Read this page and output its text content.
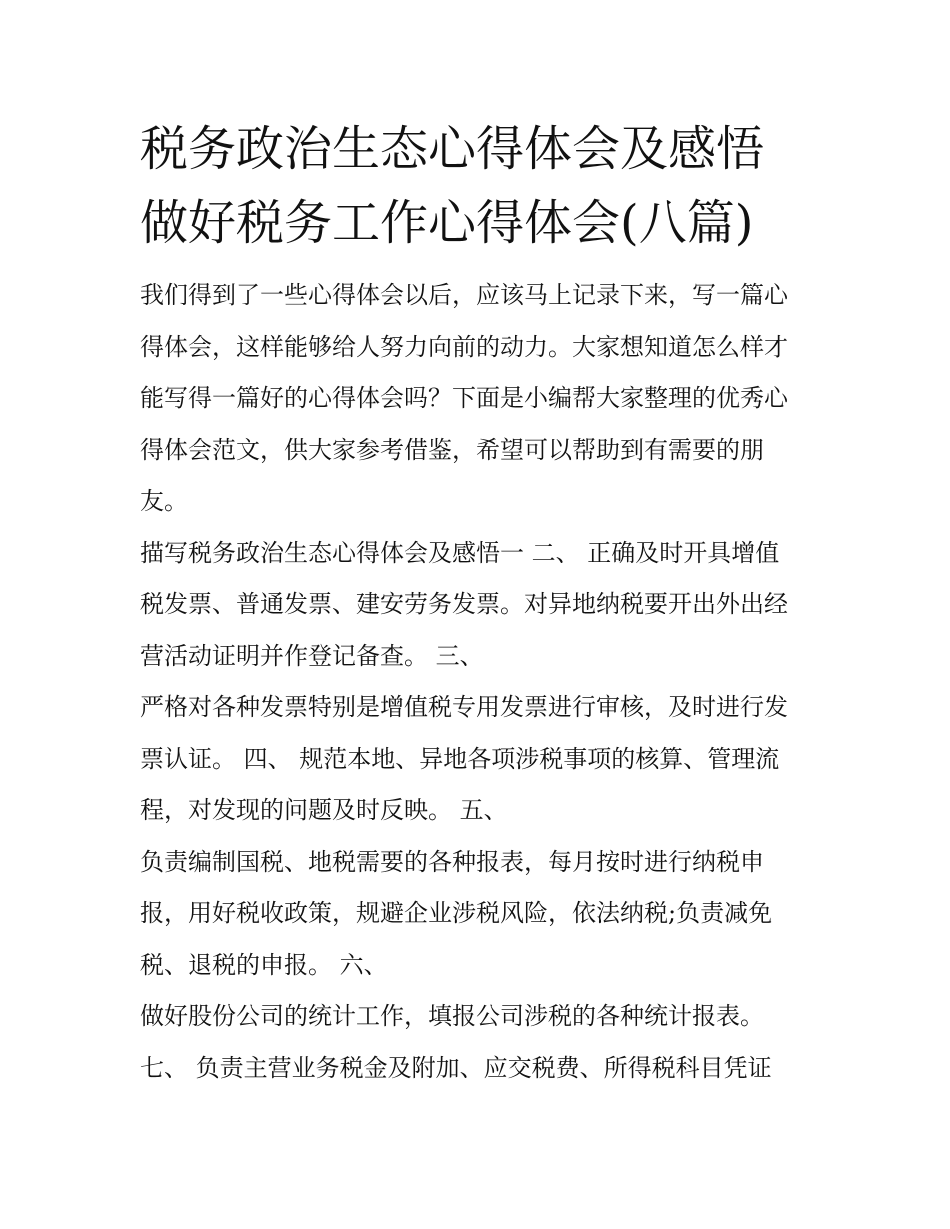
税务政治生态心得体会及感悟
做好税务工作心得体会(八篇)
我们得到了一些心得体会以后，应该马上记录下来，写一篇心
得体会，这样能够给人努力向前的动力。大家想知道怎么样才
能写得一篇好的心得体会吗？下面是小编帮大家整理的优秀心
得体会范文，供大家参考借鉴，希望可以帮助到有需要的朋
友。
描写税务政治生态心得体会及感悟一 二、 正确及时开具增值
税发票、普通发票、建安劳务发票。对异地纳税要开出外出经
营活动证明并作登记备查。 三、
严格对各种发票特别是增值税专用发票进行审核，及时进行发
票认证。 四、 规范本地、异地各项涉税事项的核算、管理流
程，对发现的问题及时反映。 五、
负责编制国税、地税需要的各种报表，每月按时进行纳税申
报，用好税收政策，规避企业涉税风险，依法纳税;负责减免
税、退税的申报。 六、
做好股份公司的统计工作，填报公司涉税的各种统计报表。
七、 负责主营业务税金及附加、应交税费、所得税科目凭证
